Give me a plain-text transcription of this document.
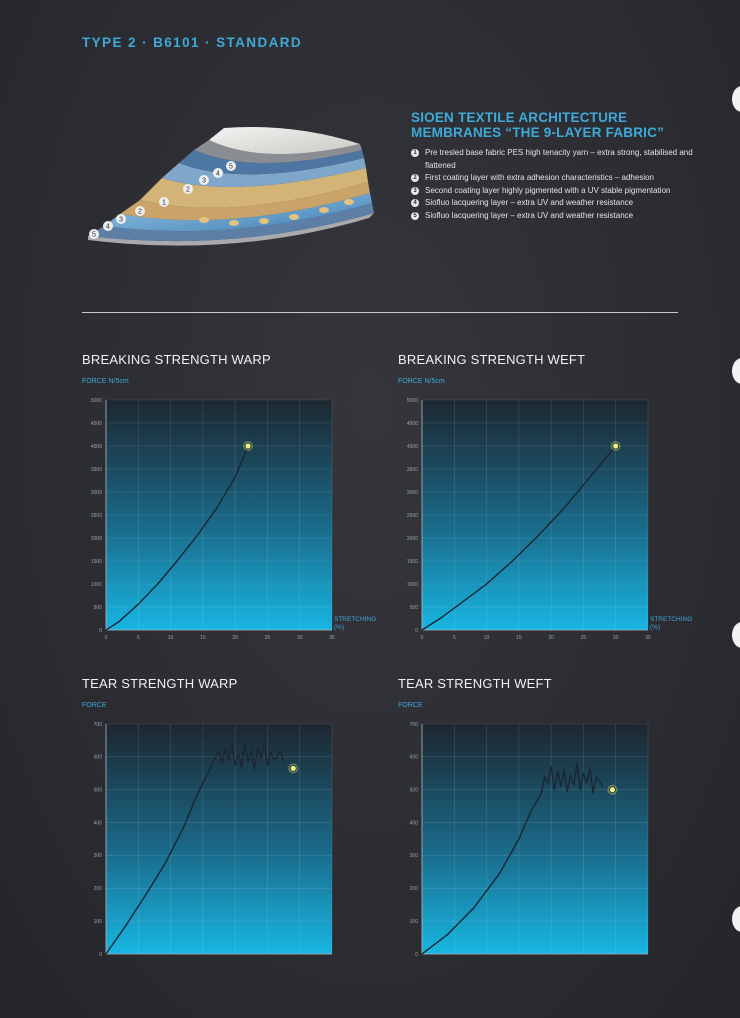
TYPE 2 · B6101 · STANDARD
5
4
3
2
1
2
3
4
5
SIOEN TEXTILE ARCHITECTURE
MEMBRANES “THE 9-LAYER FABRIC”
1 Pre tresled base fabric PES high tenacity yarn – extra strong, stabilised and flattened
2 First coating layer with extra adhesion characteristics – adhesion
3 Second coating layer highly pigmented with a UV stable pigmentation
4 Siofluo lacquering layer – extra UV and weather resistance
5 Siofluo lacquering layer – extra UV and weather resistance
BREAKING STRENGTH WARP
FORCE N/5cm
0
500
1000
1500
2000
2500
3000
3500
4000
4500
5000
0	5	10	15	20	25	30	35
STRETCHING
(%)
BREAKING STRENGTH WEFT
FORCE N/5cm
0
500
1000
1500
2000
2500
3000
3500
4000
4500
5000
0	5	10	15	20	25	30	35
STRETCHING
(%)
TEAR STRENGTH WARP
FORCE
0
100
200
300
400
500
600
700
TEAR STRENGTH WEFT
FORCE
0
100
200
300
400
500
600
700
